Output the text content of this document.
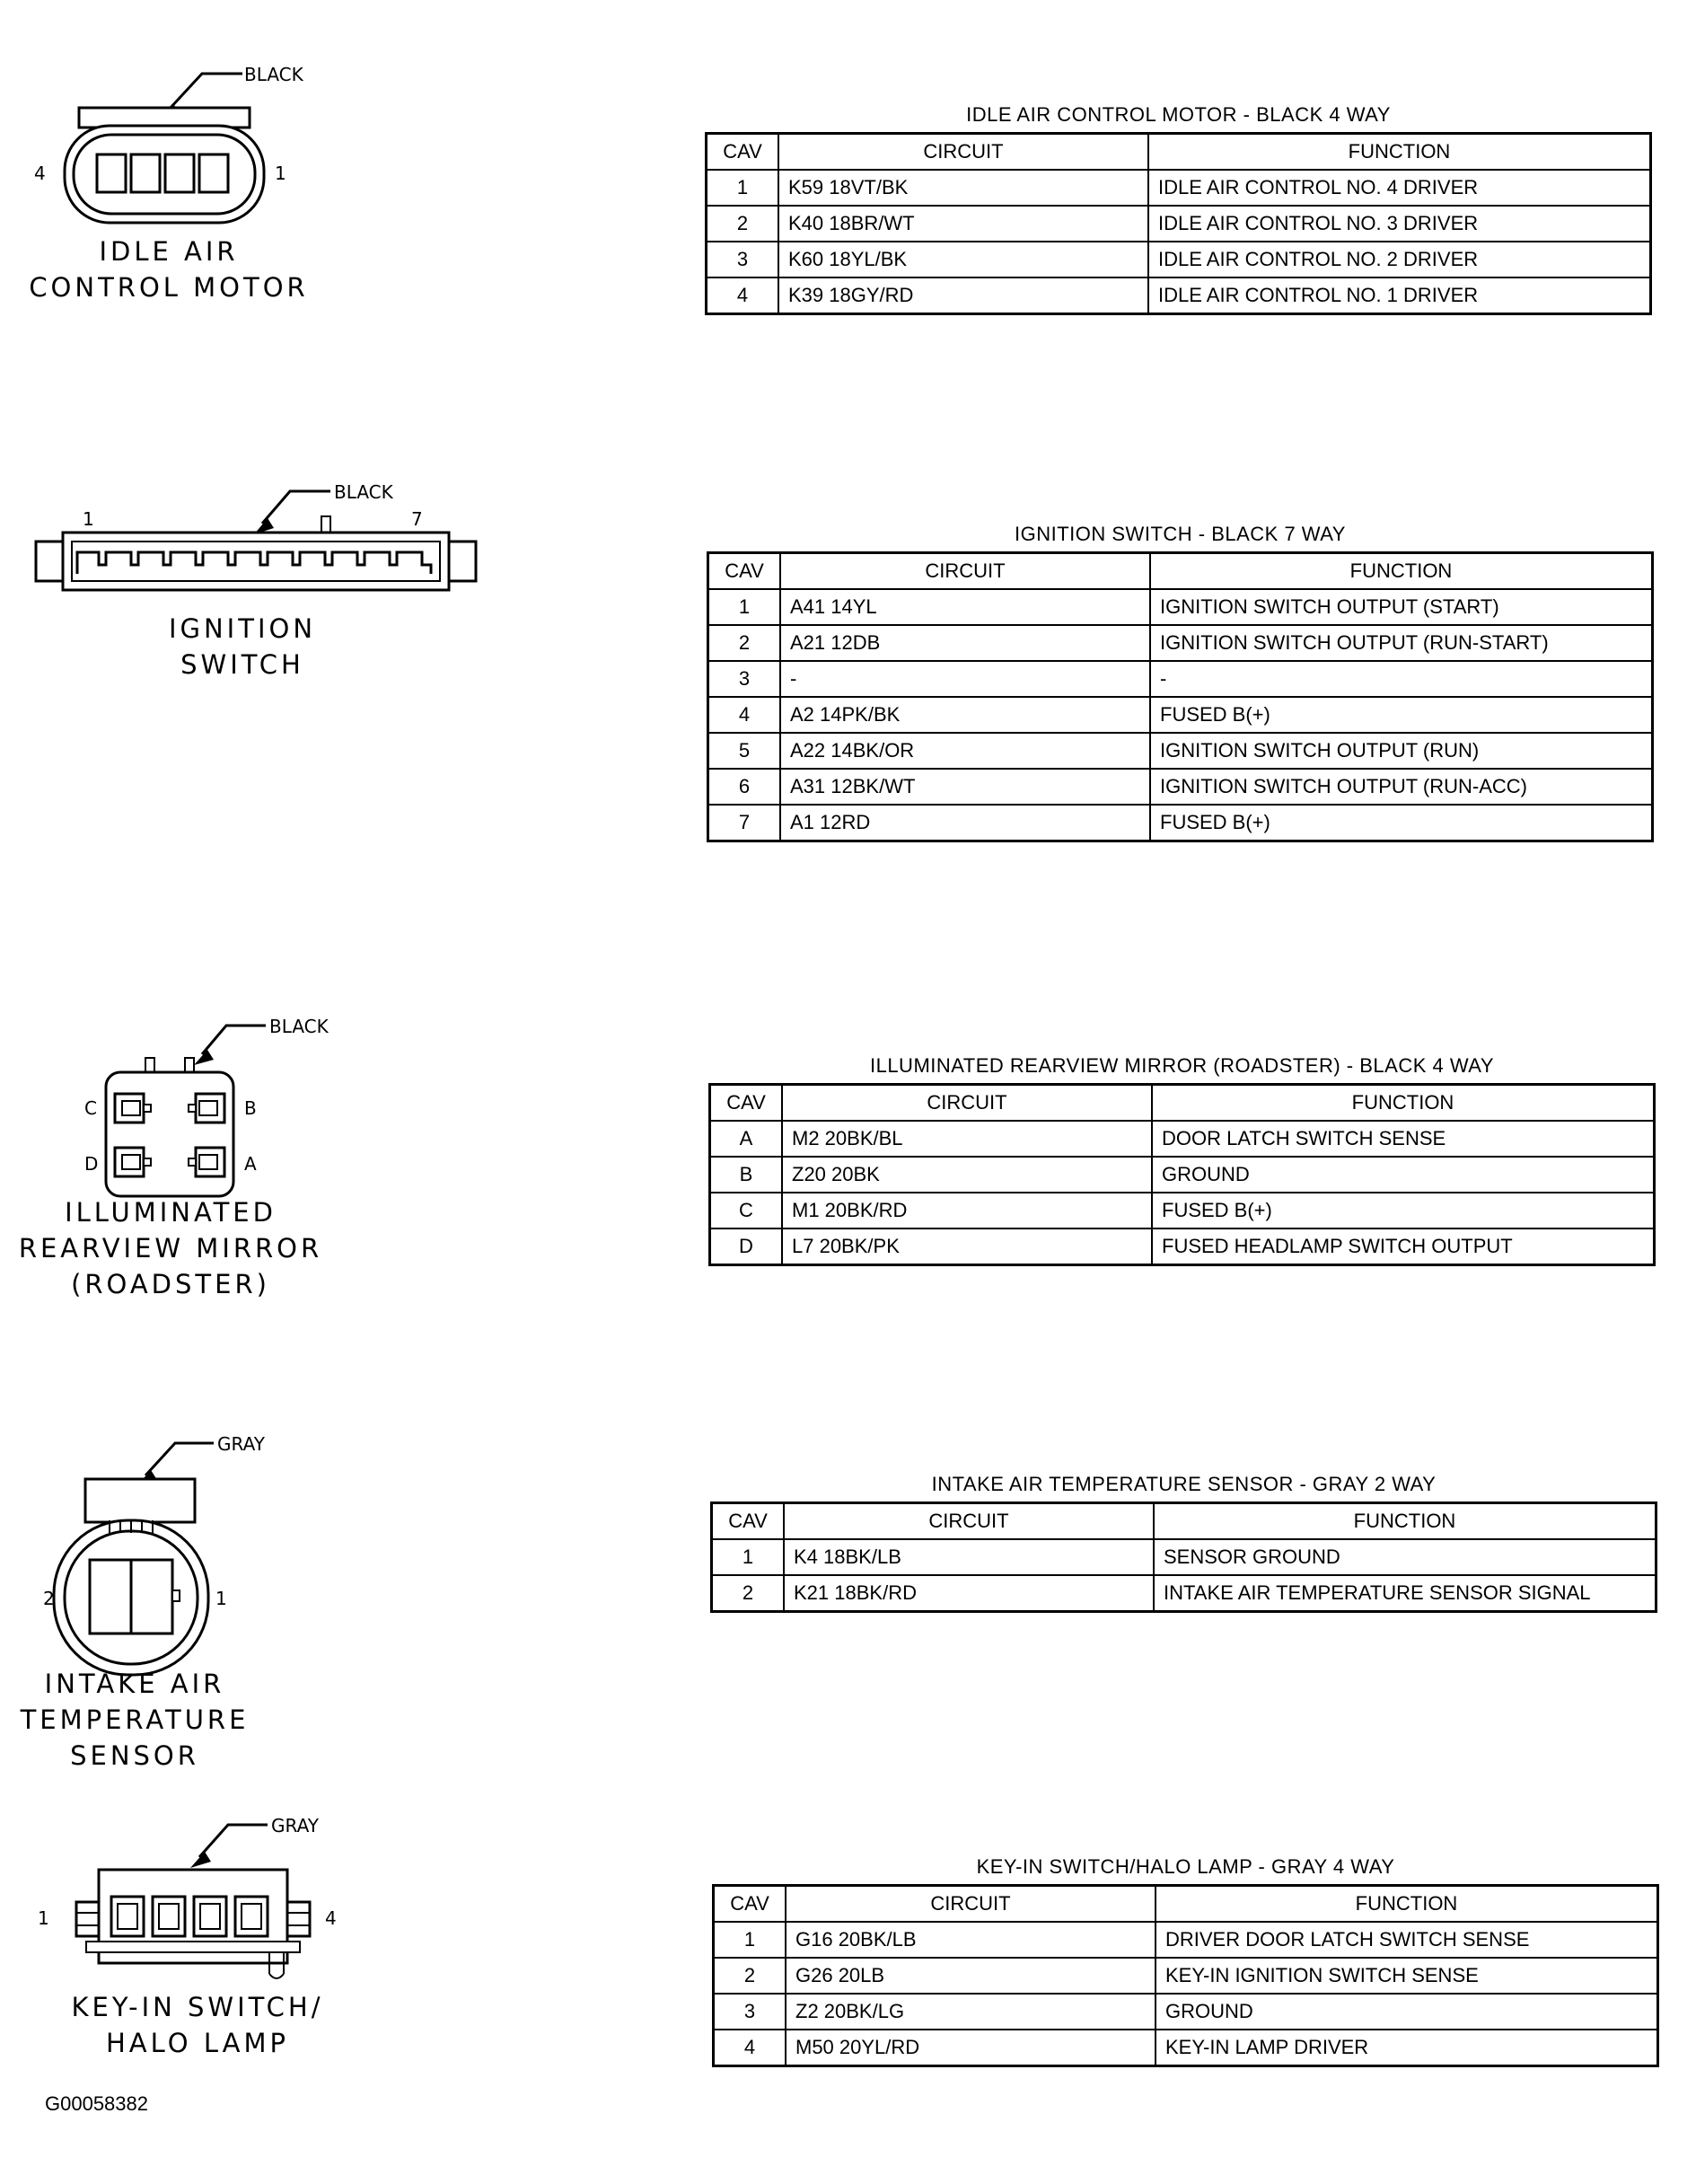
BLACK
4	1
IDLE AIR
CONTROL MOTOR
BLACK
1	7
IGNITION
SWITCH
BLACK
C	B
D	A
ILLUMINATED
REARVIEW MIRROR
(ROADSTER)
GRAY
2	1
INTAKE AIR
TEMPERATURE
SENSOR
GRAY
1	4
KEY-IN SWITCH/
HALO LAMP
IDLE AIR CONTROL MOTOR - BLACK 4 WAY
CAV	CIRCUIT	FUNCTION
1	K59 18VT/BK	IDLE AIR CONTROL NO. 4 DRIVER
2	K40 18BR/WT	IDLE AIR CONTROL NO. 3 DRIVER
3	K60 18YL/BK	IDLE AIR CONTROL NO. 2 DRIVER
4	K39 18GY/RD	IDLE AIR CONTROL NO. 1 DRIVER
IGNITION SWITCH - BLACK 7 WAY
CAV	CIRCUIT	FUNCTION
1	A41 14YL	IGNITION SWITCH OUTPUT (START)
2	A21 12DB	IGNITION SWITCH OUTPUT (RUN-START)
3	-	-
4	A2 14PK/BK	FUSED B(+)
5	A22 14BK/OR	IGNITION SWITCH OUTPUT (RUN)
6	A31 12BK/WT	IGNITION SWITCH OUTPUT (RUN-ACC)
7	A1 12RD	FUSED B(+)
ILLUMINATED REARVIEW MIRROR (ROADSTER) - BLACK 4 WAY
CAV	CIRCUIT	FUNCTION
A	M2 20BK/BL	DOOR LATCH SWITCH SENSE
B	Z20 20BK	GROUND
C	M1 20BK/RD	FUSED B(+)
D	L7 20BK/PK	FUSED HEADLAMP SWITCH OUTPUT
INTAKE AIR TEMPERATURE SENSOR - GRAY 2 WAY
CAV	CIRCUIT	FUNCTION
1	K4 18BK/LB	SENSOR GROUND
2	K21 18BK/RD	INTAKE AIR TEMPERATURE SENSOR SIGNAL
KEY-IN SWITCH/HALO LAMP - GRAY 4 WAY
CAV	CIRCUIT	FUNCTION
1	G16 20BK/LB	DRIVER DOOR LATCH SWITCH SENSE
2	G26 20LB	KEY-IN IGNITION SWITCH SENSE
3	Z2 20BK/LG	GROUND
4	M50 20YL/RD	KEY-IN LAMP DRIVER
G00058382
